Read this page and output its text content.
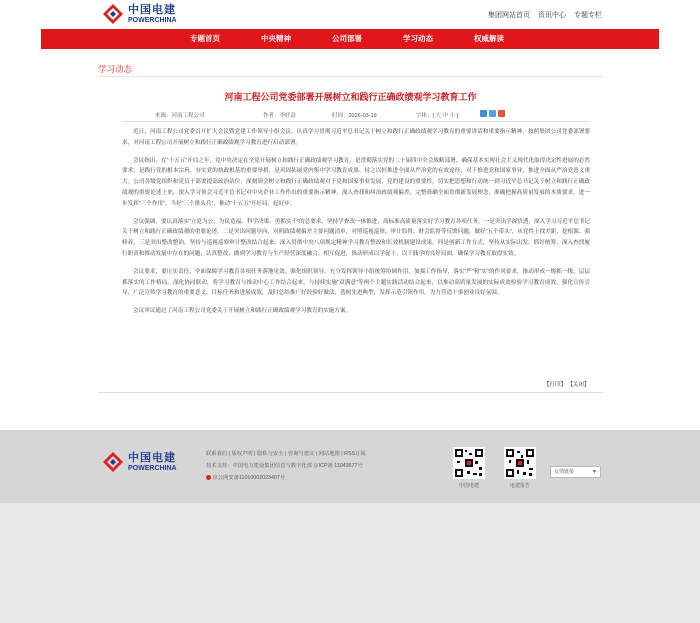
中国电建
POWERCHINA
集团网站首页 资讯中心 专题专栏
专题首页	中央精神	公司部署	学习动态	权威解读
学习动态
河南工程公司党委部署开展树立和践行正确政绩观学习教育工作
来源：河南工程公司	作者：李旺益	时间：2026-03-19	字体：[ 大 中 小 ]

近日，河南工程公司党委召开扩大会议暨党建工作领导小组会议，认真学习贯彻习近平总书记关于树立和践行正确政绩观学习教育的重要讲话和重要指示精神，按照集团公司党委部署要求，对河南工程公司开展树立和践行正确政绩观学习教育进行启动部署。

会议指出，在“十五五”开局之年，党中央决定在全党开展树立和践行正确政绩观学习教育，是贯彻落实党的二十届四中全会战略部署、确保基本实现社会主义现代化取得决定性进展的必然要求，是践行党的根本宗旨、夯实党的执政根基的重要举措，是巩固拓展党内集中学习教育成果、持之以恒推进全面从严治党的有效途径，对于推进党和国家事业、推进全面从严治党意义重大。公司各级党组织和党员干部要提高政治站位，深刻领会树立和践行正确政绩观对于党和国家事业发展、党的建设的重要性，切实把思想和行动统一到习近平总书记关于树立和践行正确政绩观的重要论述上来，深入学习领会习近平总书记对中央企业工作作出的重要指示精神，深入查找和纠治政绩观偏差，完整准确全面贯彻新发展理念，准确把握高质量发展的本质要求，进一步发挥“三个作用”，当好“三个排头兵”，推动“十五五”开好局、起好步。

会议强调，要认真落实“立党为公、为民造福、科学决策、勇抓实干”的总要求，坚持学查改一体推进，高标准高质量落实好学习教育各项任务。一是突出学深悟透，深入学习习近平总书记关于树立和践行正确政绩观的重要论述，二是突出问题导向，对照政绩观偏差主要问题清单，对照巡视巡察、审计监督、财会监督等反馈问题，做好“五个带头”，从党性上找差距、挖根源、强修养，三是突出整改整治，坚持与巡视巡察审计整改结合起来，深入贯彻中央八项规定精神学习教育整改和长效机制建设成果，四是创新工作方式，坚持从实际出发、抓好统筹，深入查找履行职责和推动发展中存在的问题，认真整改，做到学习教育与生产经营深度融合、相互促进，推动形成以学促干、以干践学的良好局面，确保学习教育取得实效。

会议要求，要压实责任，全面保障学习教育各项任务落地见效。强化组织领导，充分发挥领导小组统筹协调作用，加强工作指导，落实“严”和“实”的作风要求，推动形成一级抓一级、层层抓落实的工作格局。深化协同联动，将学习教育与推动中心工作结合起来，与持续实施“双满意”等两个主题实践活动结合起来，以推动高质量发展的实际成效检验学习教育成效。强化宣传引导，广泛宣传学习教育的重要意义、目标任务和进展成效，及时总结推广好经验好做法，选树先进典型，发挥示范引领作用，为力营造干事创业良好氛围。

会议审议通过了河南工程公司党委关于开展树立和践行正确政绩观学习教育的实施方案。

【打印】 【关闭】
中国电建
POWERCHINA
联系我们 | 版权声明 | 隐私与安全 | 咨询与建议 | 网站地图 | RSS订阅
技术支持：中国电力建设集团信息与数字化部 京ICP备 11043677号
京公网安备11010002023407号
中国电建	电建报告
友情链接	▼
